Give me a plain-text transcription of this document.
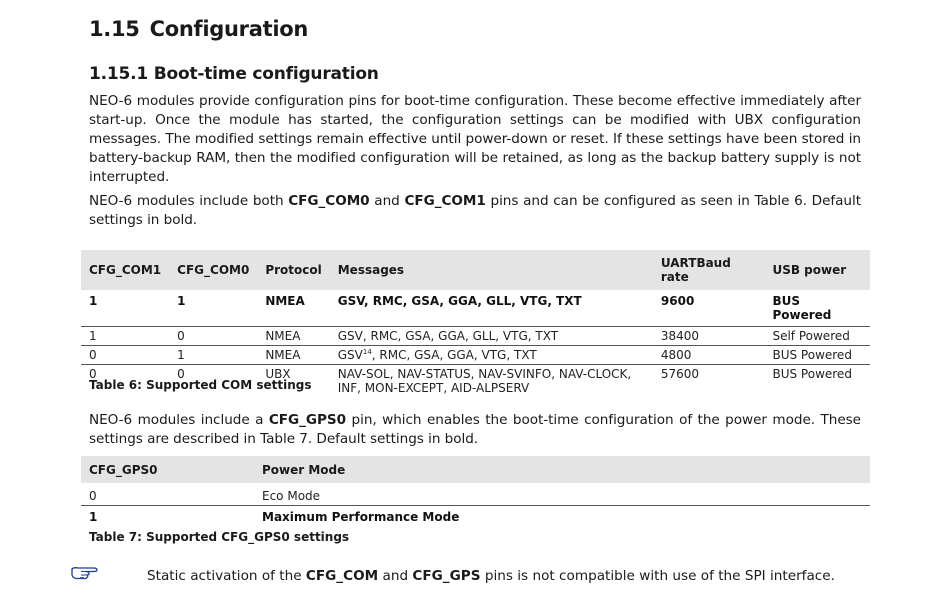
1.15 Configuration
1.15.1 Boot-time configuration

NEO-6 modules provide configuration pins for boot-time configuration. These become effective immediately after start-up. Once the module has started, the configuration settings can be modified with UBX configuration messages. The modified settings remain effective until power-down or reset. If these settings have been stored in battery-backup RAM, then the modified configuration will be retained, as long as the backup battery supply is not interrupted.

NEO-6 modules include both CFG_COM0 and CFG_COM1 pins and can be configured as seen in Table 6. Default settings in bold.

CFG_COM1	CFG_COM0	Protocol	Messages	UARTBaud rate	USB power
1	1	NMEA	GSV, RMC, GSA, GGA, GLL, VTG, TXT	9600	BUS Powered
1	0	NMEA	GSV, RMC, GSA, GGA, GLL, VTG, TXT	38400	Self Powered
0	1	NMEA	GSV$^{14}$, RMC, GSA, GGA, VTG, TXT	4800	BUS Powered
0	0	UBX	NAV-SOL, NAV-STATUS, NAV-SVINFO, NAV-CLOCK,
INF, MON-EXCEPT, AID-ALPSERV	57600	BUS Powered

Table 6: Supported COM settings

NEO-6 modules include a CFG_GPS0 pin, which enables the boot-time configuration of the power mode. These settings are described in Table 7. Default settings in bold.

CFG_GPS0	Power Mode
0	Eco Mode
1	Maximum Performance Mode

Table 7: Supported CFG_GPS0 settings

Static activation of the CFG_COM and CFG_GPS pins is not compatible with use of the SPI interface.
